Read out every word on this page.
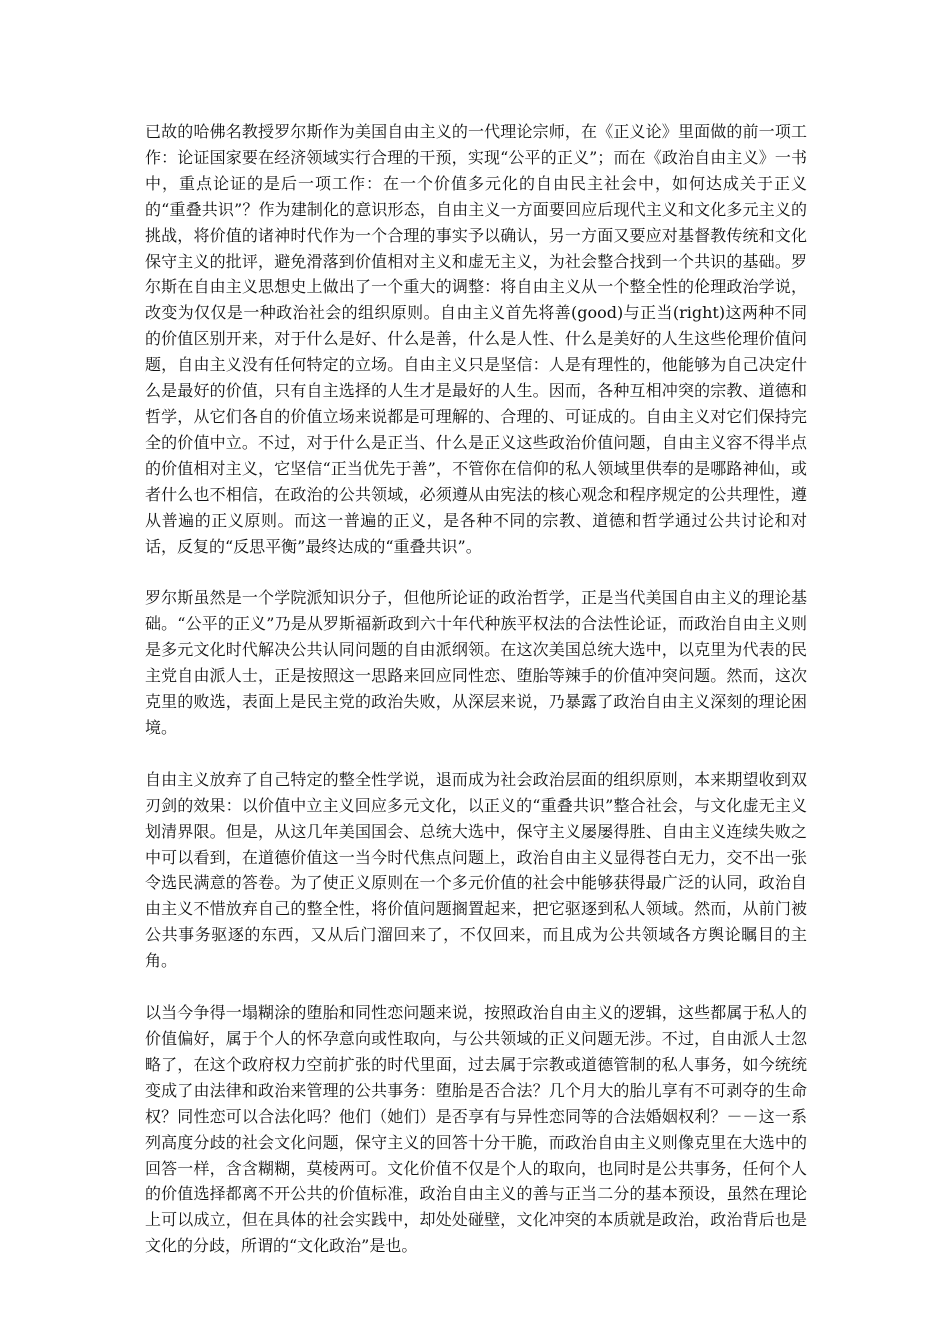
已故的哈佛名教授罗尔斯作为美国自由主义的一代理论宗师，在《正义论》里面做的前一项工作：论证国家要在经济领域实行合理的干预，实现“公平的正义”；而在《政治自由主义》一书中，重点论证的是后一项工作：在一个价值多元化的自由民主社会中，如何达成关于正义的“重叠共识”？作为建制化的意识形态，自由主义一方面要回应后现代主义和文化多元主义的挑战，将价值的诸神时代作为一个合理的事实予以确认，另一方面又要应对基督教传统和文化保守主义的批评，避免滑落到价值相对主义和虚无主义，为社会整合找到一个共识的基础。罗尔斯在自由主义思想史上做出了一个重大的调整：将自由主义从一个整全性的伦理政治学说，改变为仅仅是一种政治社会的组织原则。自由主义首先将善(good)与正当(right)这两种不同的价值区别开来，对于什么是好、什么是善，什么是人性、什么是美好的人生这些伦理价值问题，自由主义没有任何特定的立场。自由主义只是坚信：人是有理性的，他能够为自己决定什么是最好的价值，只有自主选择的人生才是最好的人生。因而，各种互相冲突的宗教、道德和哲学，从它们各自的价值立场来说都是可理解的、合理的、可证成的。自由主义对它们保持完全的价值中立。不过，对于什么是正当、什么是正义这些政治价值问题，自由主义容不得半点的价值相对主义，它坚信“正当优先于善”，不管你在信仰的私人领域里供奉的是哪路神仙，或者什么也不相信，在政治的公共领域，必须遵从由宪法的核心观念和程序规定的公共理性，遵从普遍的正义原则。而这一普遍的正义，是各种不同的宗教、道德和哲学通过公共讨论和对话，反复的“反思平衡”最终达成的“重叠共识”。

罗尔斯虽然是一个学院派知识分子，但他所论证的政治哲学，正是当代美国自由主义的理论基础。“公平的正义”乃是从罗斯福新政到六十年代种族平权法的合法性论证，而政治自由主义则是多元文化时代解决公共认同问题的自由派纲领。在这次美国总统大选中，以克里为代表的民主党自由派人士，正是按照这一思路来回应同性恋、堕胎等辣手的价值冲突问题。然而，这次克里的败选，表面上是民主党的政治失败，从深层来说，乃暴露了政治自由主义深刻的理论困境。

自由主义放弃了自己特定的整全性学说，退而成为社会政治层面的组织原则，本来期望收到双刃剑的效果：以价值中立主义回应多元文化，以正义的“重叠共识”整合社会，与文化虚无主义划清界限。但是，从这几年美国国会、总统大选中，保守主义屡屡得胜、自由主义连续失败之中可以看到，在道德价值这一当今时代焦点问题上，政治自由主义显得苍白无力，交不出一张令选民满意的答卷。为了使正义原则在一个多元价值的社会中能够获得最广泛的认同，政治自由主义不惜放弃自己的整全性，将价值问题搁置起来，把它驱逐到私人领域。然而，从前门被公共事务驱逐的东西，又从后门溜回来了，不仅回来，而且成为公共领域各方舆论瞩目的主角。

以当今争得一塌糊涂的堕胎和同性恋问题来说，按照政治自由主义的逻辑，这些都属于私人的价值偏好，属于个人的怀孕意向或性取向，与公共领域的正义问题无涉。不过，自由派人士忽略了，在这个政府权力空前扩张的时代里面，过去属于宗教或道德管制的私人事务，如今统统变成了由法律和政治来管理的公共事务：堕胎是否合法？几个月大的胎儿享有不可剥夺的生命权？同性恋可以合法化吗？他们（她们）是否享有与异性恋同等的合法婚姻权利？－－这一系列高度分歧的社会文化问题，保守主义的回答十分干脆，而政治自由主义则像克里在大选中的回答一样，含含糊糊，莫棱两可。文化价值不仅是个人的取向，也同时是公共事务，任何个人的价值选择都离不开公共的价值标准，政治自由主义的善与正当二分的基本预设，虽然在理论上可以成立，但在具体的社会实践中，却处处碰壁，文化冲突的本质就是政治，政治背后也是文化的分歧，所谓的“文化政治”是也。
